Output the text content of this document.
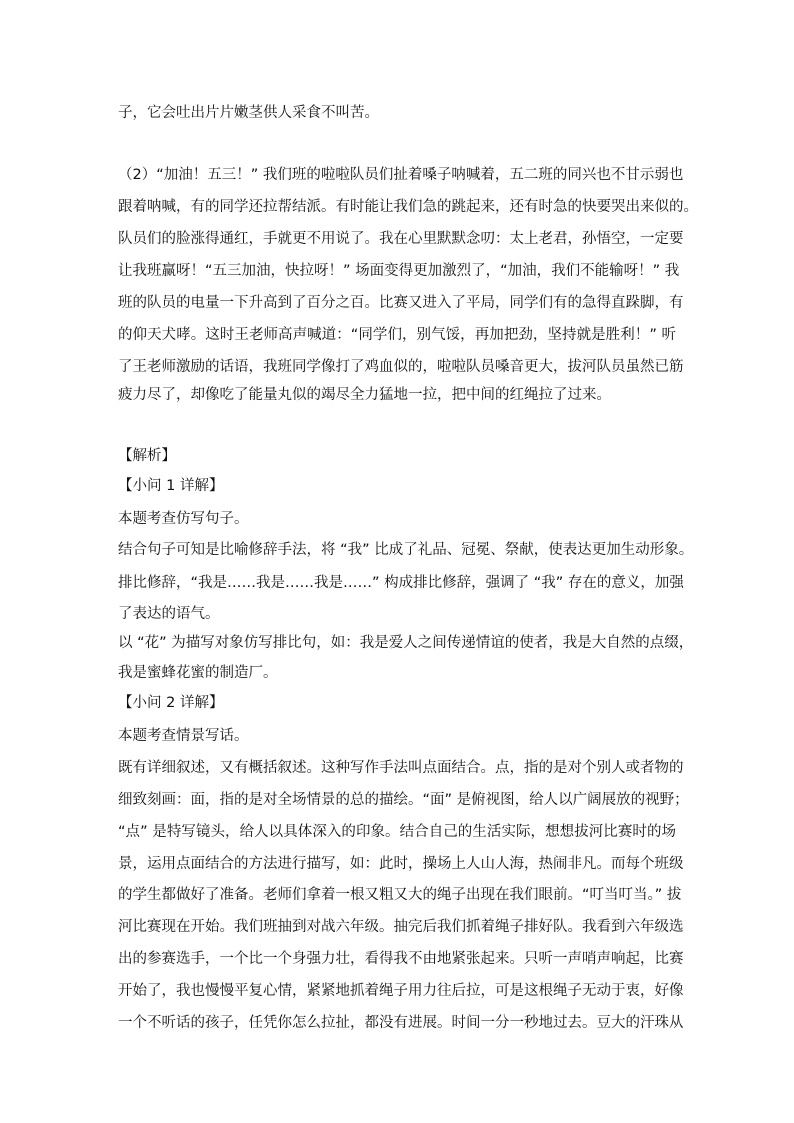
子，它会吐出片片嫩茎供人采食不叫苦。
（2）“加油！五三！” 我们班的啦啦队员们扯着嗓子呐喊着，五二班的同兴也不甘示弱也
跟着呐喊，有的同学还拉帮结派。有时能让我们急的跳起来，还有时急的快要哭出来似的。
队员们的脸涨得通红，手就更不用说了。我在心里默默念叨：太上老君，孙悟空，一定要
让我班赢呀！“五三加油，快拉呀！” 场面变得更加激烈了，“加油，我们不能输呀！” 我
班的队员的电量一下升高到了百分之百。比赛又进入了平局，同学们有的急得直跺脚，有
的仰天犬哮。这时王老师高声喊道：“同学们，别气馁，再加把劲，坚持就是胜利！” 听
了王老师激励的话语，我班同学像打了鸡血似的，啦啦队员嗓音更大，拔河队员虽然已筋
疲力尽了，却像吃了能量丸似的竭尽全力猛地一拉，把中间的红绳拉了过来。
【解析】
【小问 1 详解】
本题考查仿写句子。
结合句子可知是比喻修辞手法，将 “我” 比成了礼品、冠冕、祭献，使表达更加生动形象。
排比修辞，“我是……我是……我是……” 构成排比修辞，强调了 “我” 存在的意义，加强
了表达的语气。
以 “花” 为描写对象仿写排比句，如：我是爱人之间传递情谊的使者，我是大自然的点缀，
我是蜜蜂花蜜的制造厂。
【小问 2 详解】
本题考查情景写话。
既有详细叙述，又有概括叙述。这种写作手法叫点面结合。点，指的是对个别人或者物的
细致刻画：面，指的是对全场情景的总的描绘。“面” 是俯视图，给人以广阔展放的视野；
“点” 是特写镜头，给人以具体深入的印象。结合自己的生活实际，想想拔河比赛时的场
景，运用点面结合的方法进行描写，如：此时，操场上人山人海，热闹非凡。而每个班级
的学生都做好了准备。老师们拿着一根又粗又大的绳子出现在我们眼前。“叮当叮当。” 拔
河比赛现在开始。我们班抽到对战六年级。抽完后我们抓着绳子排好队。我看到六年级选
出的参赛选手，一个比一个身强力壮，看得我不由地紧张起来。只听一声哨声响起，比赛
开始了，我也慢慢平复心情，紧紧地抓着绳子用力往后拉，可是这根绳子无动于衷，好像
一个不听话的孩子，任凭你怎么拉扯，都没有进展。时间一分一秒地过去。豆大的汗珠从
